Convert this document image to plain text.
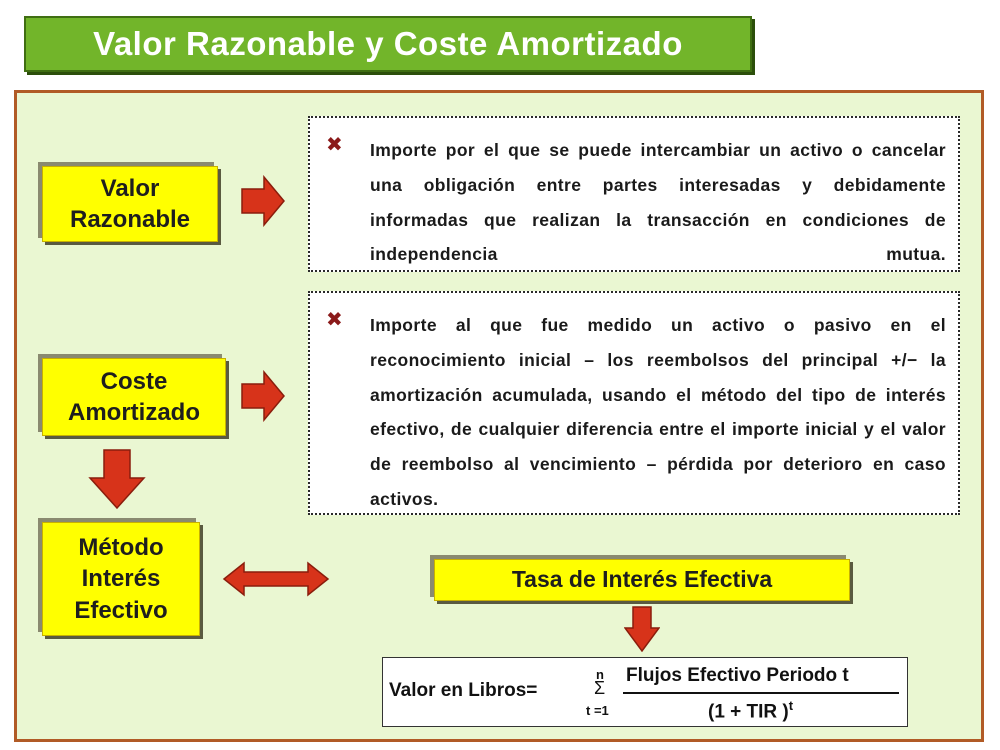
Valor Razonable y Coste Amortizado
Valor
Razonable
Coste
Amortizado
Método
Interés
Efectivo
Tasa de Interés Efectiva
✖ Importe por el que se puede intercambiar un activo o cancelar una obligación entre partes interesadas y debidamente informadas que realizan la transacción en condiciones de independencia mutua.
✖ Importe al que fue medido un activo o pasivo en el reconocimiento inicial – los reembolsos del principal +/− la amortización acumulada, usando el método del tipo de interés efectivo, de cualquier diferencia entre el importe inicial y el valor de reembolso al vencimiento – pérdida por deterioro en caso activos.
Valor en Libros=
n
Σ
t =1
Flujos Efectivo Periodo t
(1 + TIR )$^t$
